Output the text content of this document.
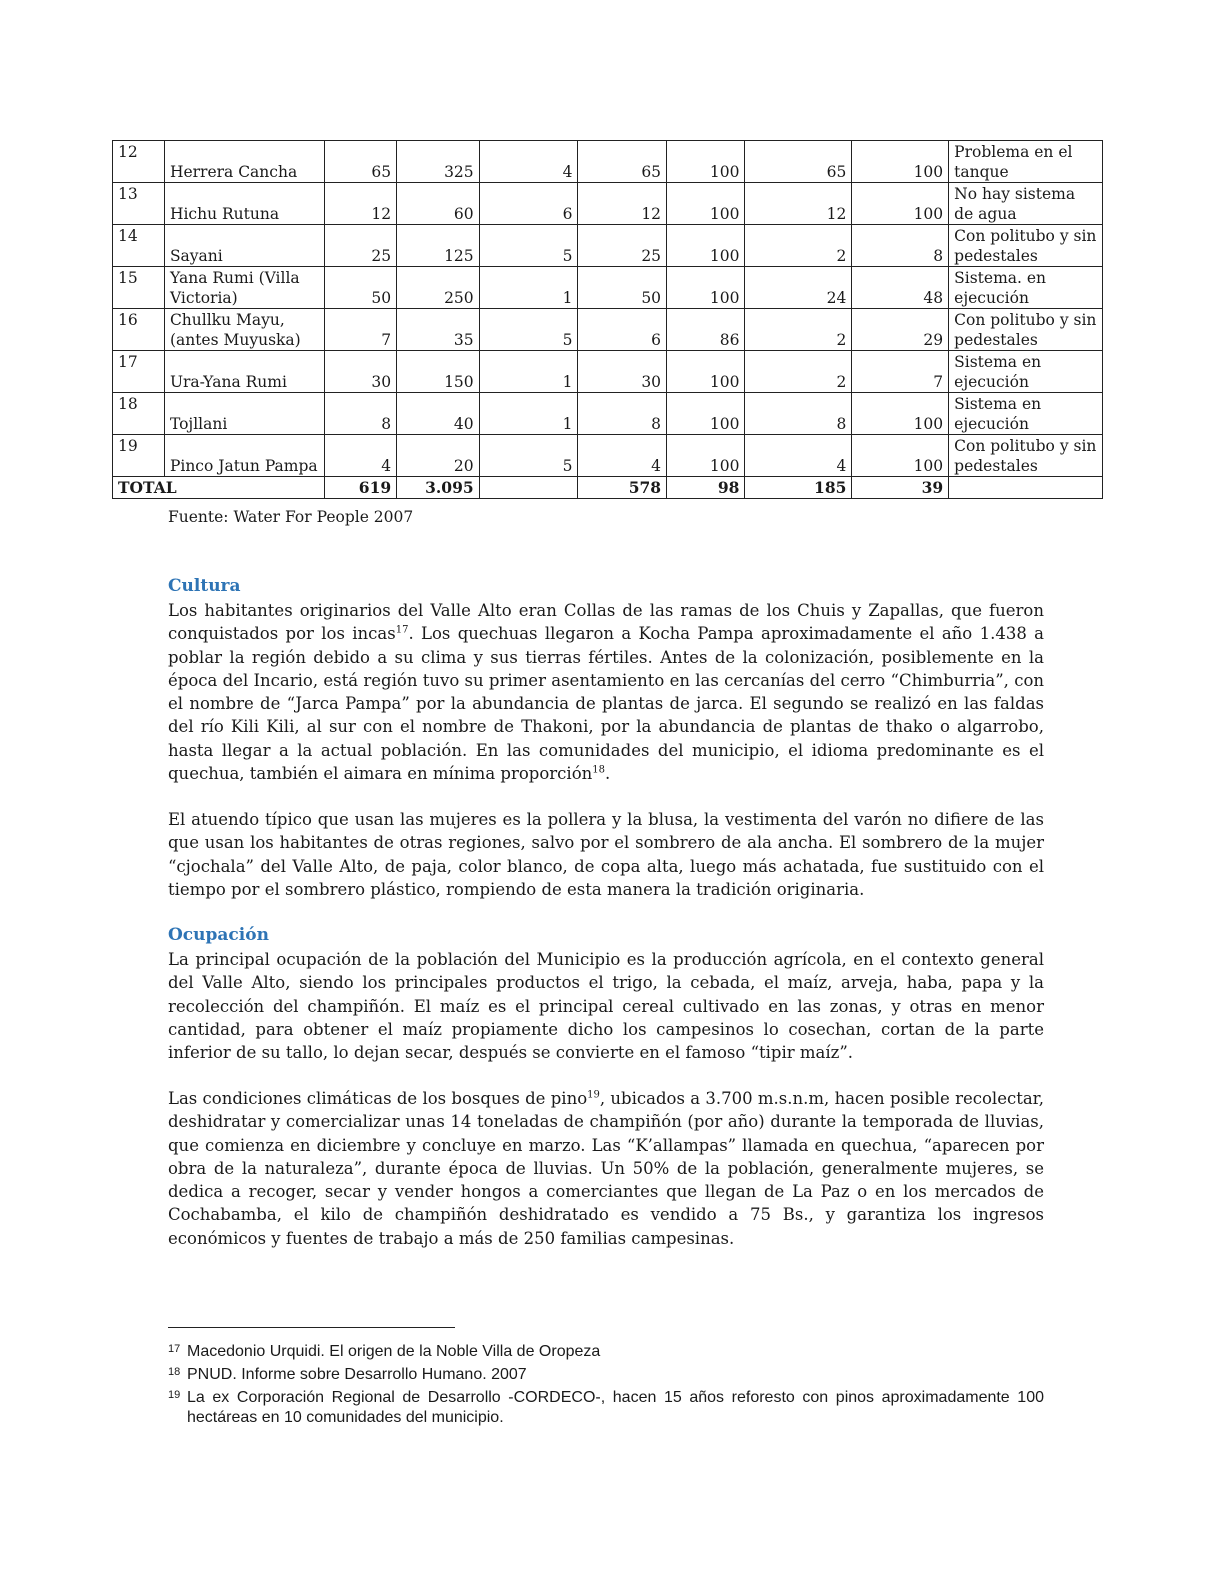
12	Herrera Cancha	65	325	4	65	100	65	100	Problema en el tanque
13	Hichu Rutuna	12	60	6	12	100	12	100	No hay sistema de agua
14	Sayani	25	125	5	25	100	2	8	Con politubo y sin pedestales
15	Yana Rumi (Villa Victoria)	50	250	1	50	100	24	48	Sistema. en ejecución
16	Chullku Mayu, (antes Muyuska)	7	35	5	6	86	2	29	Con politubo y sin pedestales
17	Ura-Yana Rumi	30	150	1	30	100	2	7	Sistema en ejecución
18	Tojllani	8	40	1	8	100	8	100	Sistema en ejecución
19	Pinco Jatun Pampa	4	20	5	4	100	4	100	Con politubo y sin pedestales
TOTAL		619	3.095		578	98	185	39	
Fuente: Water For People 2007
Cultura

Los habitantes originarios del Valle Alto eran Collas de las ramas de los Chuis y Zapallas, que fueron conquistados por los incas$^{17}$. Los quechuas llegaron a Kocha Pampa aproximadamente el año 1.438 a poblar la región debido a su clima y sus tierras fértiles. Antes de la colonización, posiblemente en la época del Incario, está región tuvo su primer asentamiento en las cercanías del cerro “Chimburria”, con el nombre de “Jarca Pampa” por la abundancia de plantas de jarca. El segundo se realizó en las faldas del río Kili Kili, al sur con el nombre de Thakoni, por la abundancia de plantas de thako o algarrobo, hasta llegar a la actual población. En las comunidades del municipio, el idioma predominante es el quechua, también el aimara en mínima proporción$^{18}$.

El atuendo típico que usan las mujeres es la pollera y la blusa, la vestimenta del varón no difiere de las que usan los habitantes de otras regiones, salvo por el sombrero de ala ancha. El sombrero de la mujer “cjochala” del Valle Alto, de paja, color blanco, de copa alta, luego más achatada, fue sustituido con el tiempo por el sombrero plástico, rompiendo de esta manera la tradición originaria.

Ocupación

La principal ocupación de la población del Municipio es la producción agrícola, en el contexto general del Valle Alto, siendo los principales productos el trigo, la cebada, el maíz, arveja, haba, papa y la recolección del champiñón. El maíz es el principal cereal cultivado en las zonas, y otras en menor cantidad, para obtener el maíz propiamente dicho los campesinos lo cosechan, cortan de la parte inferior de su tallo, lo dejan secar, después se convierte en el famoso “tipir maíz”.

Las condiciones climáticas de los bosques de pino$^{19}$, ubicados a 3.700 m.s.n.m, hacen posible recolectar, deshidratar y comercializar unas 14 toneladas de champiñón (por año) durante la temporada de lluvias, que comienza en diciembre y concluye en marzo. Las “K’allampas” llamada en quechua, “aparecen por obra de la naturaleza”, durante época de lluvias. Un 50% de la población, generalmente mujeres, se dedica a recoger, secar y vender hongos a comerciantes que llegan de La Paz o en los mercados de Cochabamba, el kilo de champiñón deshidratado es vendido a 75 Bs., y garantiza los ingresos económicos y fuentes de trabajo a más de 250 familias campesinas.

17 Macedonio Urquidi. El origen de la Noble Villa de Oropeza

18 PNUD. Informe sobre Desarrollo Humano. 2007

19 La ex Corporación Regional de Desarrollo -CORDECO-, hacen 15 años reforesto con pinos aproximadamente 100 hectáreas en 10 comunidades del municipio.
